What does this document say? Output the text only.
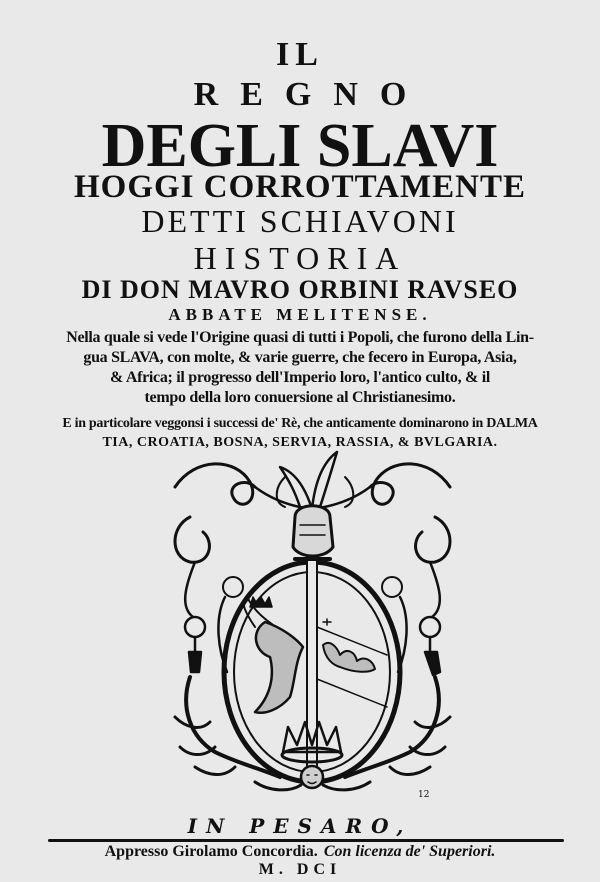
IL
REGNO
DEGLI SLAVI
HOGGI CORROTTAMENTE
DETTI SCHIAVONI
HISTORIA
DI DON MAVRO ORBINI RAVSEO
ABBATE MELITENSE.
Nella quale si vede l'Origine quasi di tutti i Popoli, che furono della Lin-
gua SLAVA, con molte, & varie guerre, che fecero in Europa, Asia,
& Africa; il progresso dell'Imperio loro, l'antico culto, & il
tempo della loro conuersione al Christianesimo.
E in particolare veggonsi i successi de' Rè, che anticamente dominarono in DALMA
TIA, CROATIA, BOSNA, SERVIA, RASSIA, & BVLGARIA.
12
IN PESARO,
Appresso Girolamo Concordia. Con licenza de' Superiori.
M. DCI
